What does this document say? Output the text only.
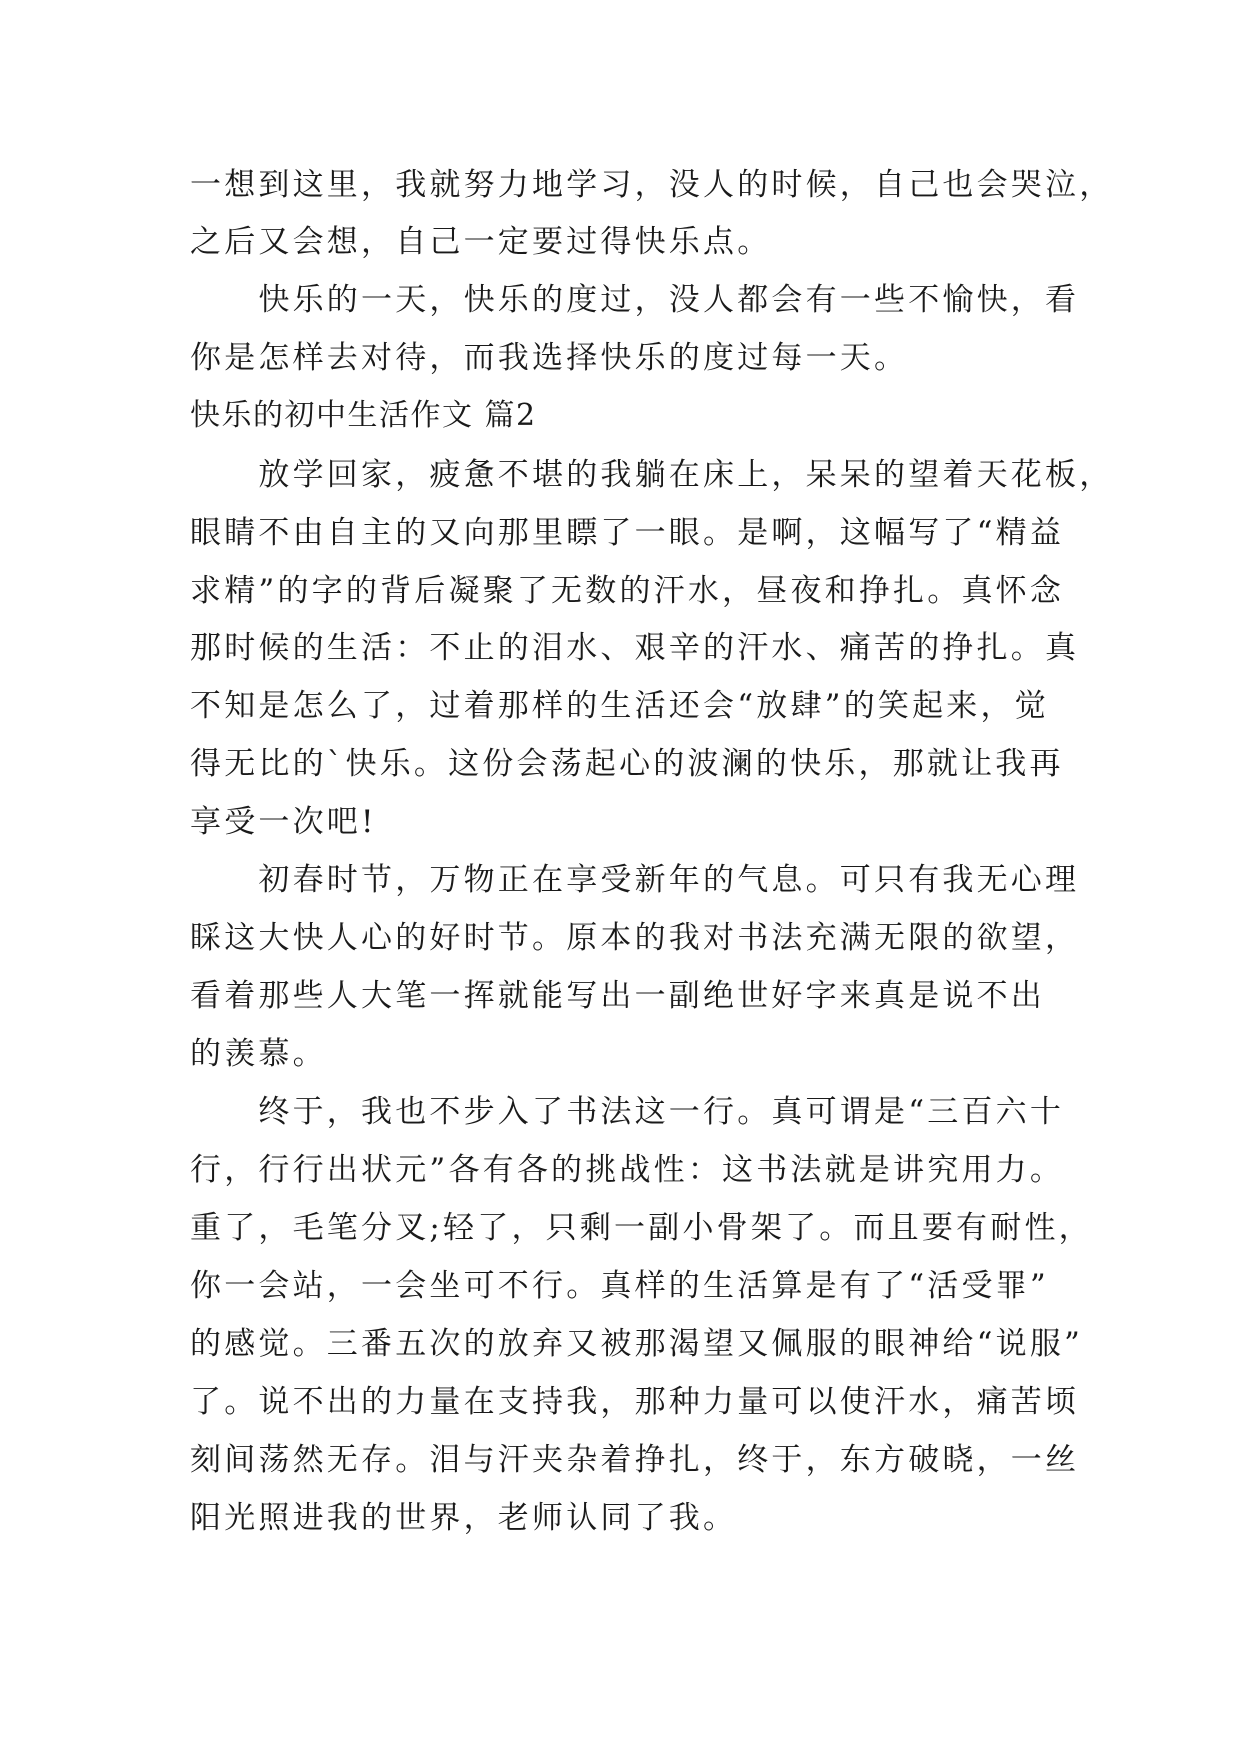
一想到这里，我就努力地学习，没人的时候，自己也会哭泣，
之后又会想，自己一定要过得快乐点。
　　快乐的一天，快乐的度过，没人都会有一些不愉快，看
你是怎样去对待，而我选择快乐的度过每一天。
快乐的初中生活作文 篇2
　　放学回家，疲惫不堪的我躺在床上，呆呆的望着天花板，
眼睛不由自主的又向那里瞟了一眼。是啊，这幅写了“精益
求精”的字的背后凝聚了无数的汗水，昼夜和挣扎。真怀念
那时候的生活：不止的泪水、艰辛的汗水、痛苦的挣扎。真
不知是怎么了，过着那样的生活还会“放肆”的笑起来，觉
得无比的`快乐。这份会荡起心的波澜的快乐，那就让我再
享受一次吧!
　　初春时节，万物正在享受新年的气息。可只有我无心理
睬这大快人心的好时节。原本的我对书法充满无限的欲望，
看着那些人大笔一挥就能写出一副绝世好字来真是说不出
的羡慕。
　　终于，我也不步入了书法这一行。真可谓是“三百六十
行，行行出状元”各有各的挑战性：这书法就是讲究用力。
重了，毛笔分叉;轻了，只剩一副小骨架了。而且要有耐性，
你一会站，一会坐可不行。真样的生活算是有了“活受罪”
的感觉。三番五次的放弃又被那渴望又佩服的眼神给“说服”
了。说不出的力量在支持我，那种力量可以使汗水，痛苦顷
刻间荡然无存。泪与汗夹杂着挣扎，终于，东方破晓，一丝
阳光照进我的世界，老师认同了我。
